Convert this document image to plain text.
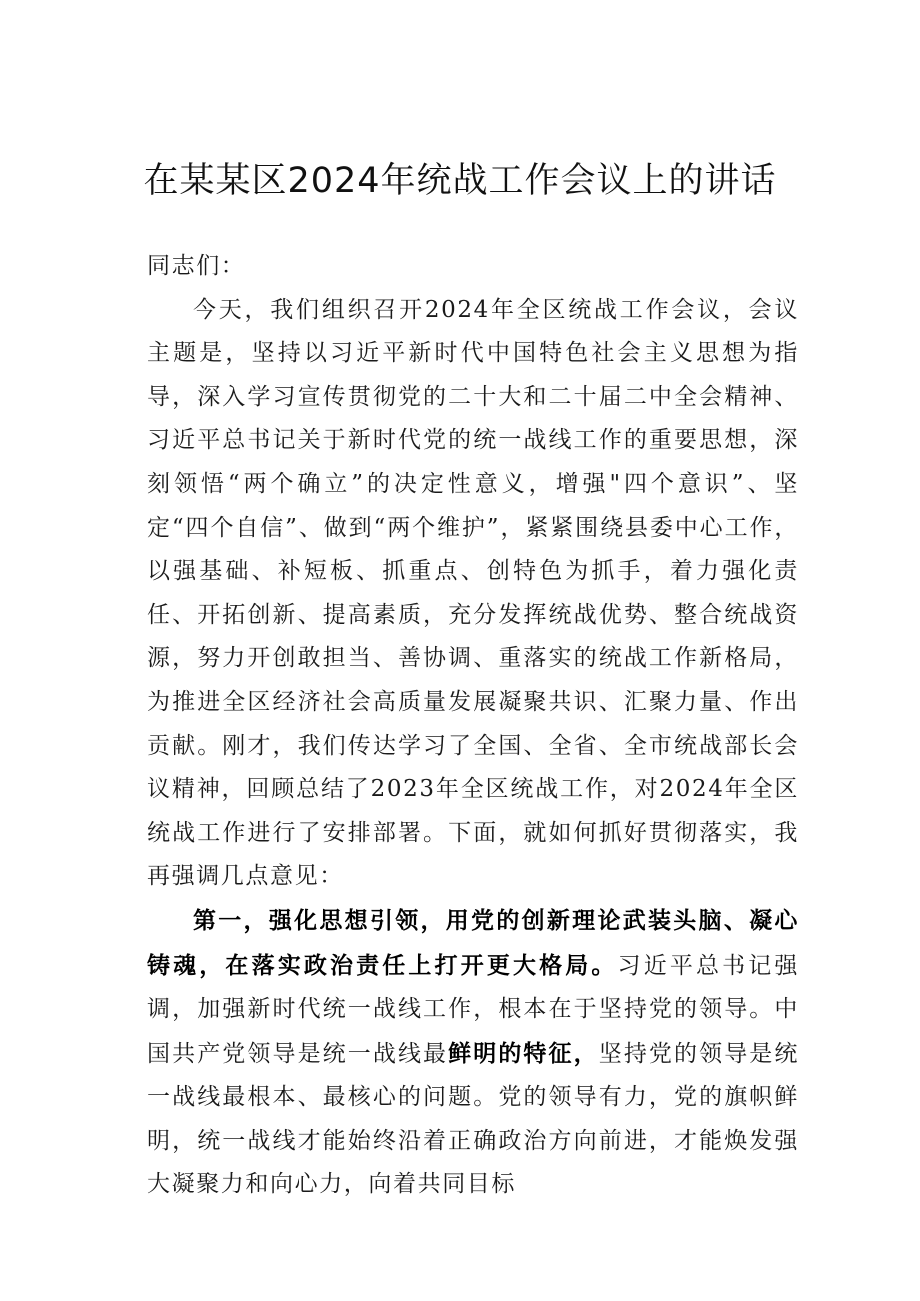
在某某区2024年统战工作会议上的讲话

同志们：

今天，我们组织召开2024年全区统战工作会议，会议主题是，坚持以习近平新时代中国特色社会主义思想为指导，深入学习宣传贯彻党的二十大和二十届二中全会精神、习近平总书记关于新时代党的统一战线工作的重要思想，深刻领悟“两个确立”的决定性意义，增强"四个意识”、坚定“四个自信”、做到“两个维护”，紧紧围绕县委中心工作，以强基础、补短板、抓重点、创特色为抓手，着力强化责任、开拓创新、提高素质，充分发挥统战优势、整合统战资源，努力开创敢担当、善协调、重落实的统战工作新格局，为推进全区经济社会高质量发展凝聚共识、汇聚力量、作出贡献。刚才，我们传达学习了全国、全省、全市统战部长会议精神，回顾总结了2023年全区统战工作，对2024年全区统战工作进行了安排部署。下面，就如何抓好贯彻落实，我再强调几点意见：

第一，强化思想引领，用党的创新理论武装头脑、凝心铸魂，在落实政治责任上打开更大格局。习近平总书记强调，加强新时代统一战线工作，根本在于坚持党的领导。中国共产党领导是统一战线最鲜明的特征，坚持党的领导是统一战线最根本、最核心的问题。党的领导有力，党的旗帜鲜明，统一战线才能始终沿着正确政治方向前进，才能焕发强大凝聚力和向心力，向着共同目标
